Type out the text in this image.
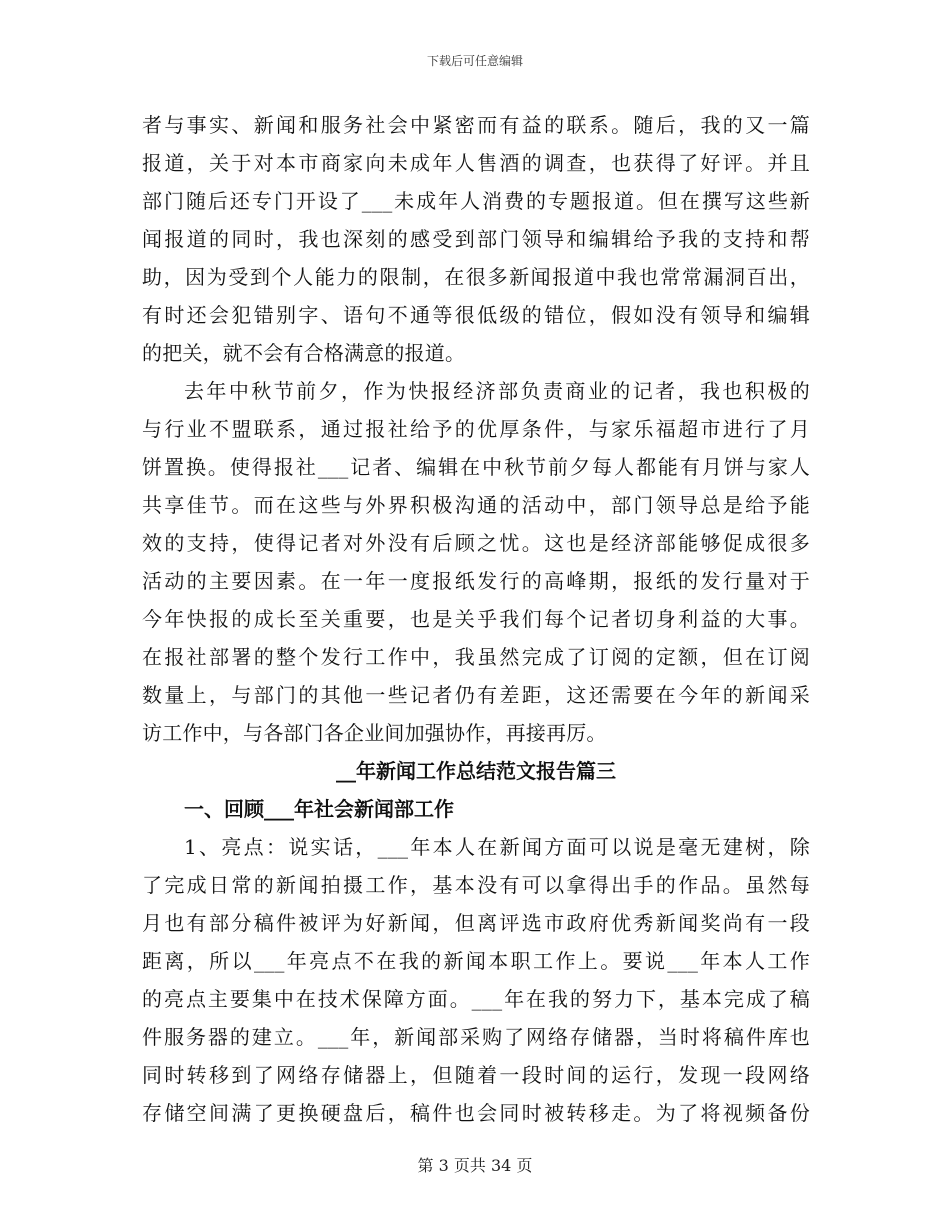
下载后可任意编辑
者与事实、新闻和服务社会中紧密而有益的联系。随后，我的又一篇
报道，关于对本市商家向未成年人售酒的调查，也获得了好评。并且
部门随后还专门开设了___未成年人消费的专题报道。但在撰写这些新
闻报道的同时，我也深刻的感受到部门领导和编辑给予我的支持和帮
助，因为受到个人能力的限制，在很多新闻报道中我也常常漏洞百出，
有时还会犯错别字、语句不通等很低级的错位，假如没有领导和编辑
的把关，就不会有合格满意的报道。
去年中秋节前夕，作为快报经济部负责商业的记者，我也积极的
与行业不盟联系，通过报社给予的优厚条件，与家乐福超市进行了月
饼置换。使得报社___记者、编辑在中秋节前夕每人都能有月饼与家人
共享佳节。而在这些与外界积极沟通的活动中，部门领导总是给予能
效的支持，使得记者对外没有后顾之忧。这也是经济部能够促成很多
活动的主要因素。在一年一度报纸发行的高峰期，报纸的发行量对于
今年快报的成长至关重要，也是关乎我们每个记者切身利益的大事。
在报社部署的整个发行工作中，我虽然完成了订阅的定额，但在订阅
数量上，与部门的其他一些记者仍有差距，这还需要在今年的新闻采
访工作中，与各部门各企业间加强协作，再接再厉。
__年新闻工作总结范文报告篇三
一、回顾___年社会新闻部工作
1、亮点：说实话，___年本人在新闻方面可以说是毫无建树，除
了完成日常的新闻拍摄工作，基本没有可以拿得出手的作品。虽然每
月也有部分稿件被评为好新闻，但离评选市政府优秀新闻奖尚有一段
距离，所以___年亮点不在我的新闻本职工作上。要说___年本人工作
的亮点主要集中在技术保障方面。___年在我的努力下，基本完成了稿
件服务器的建立。___年，新闻部采购了网络存储器，当时将稿件库也
同时转移到了网络存储器上，但随着一段时间的运行，发现一段网络
存储空间满了更换硬盘后，稿件也会同时被转移走。为了将视频备份
第 3 页共 34 页
